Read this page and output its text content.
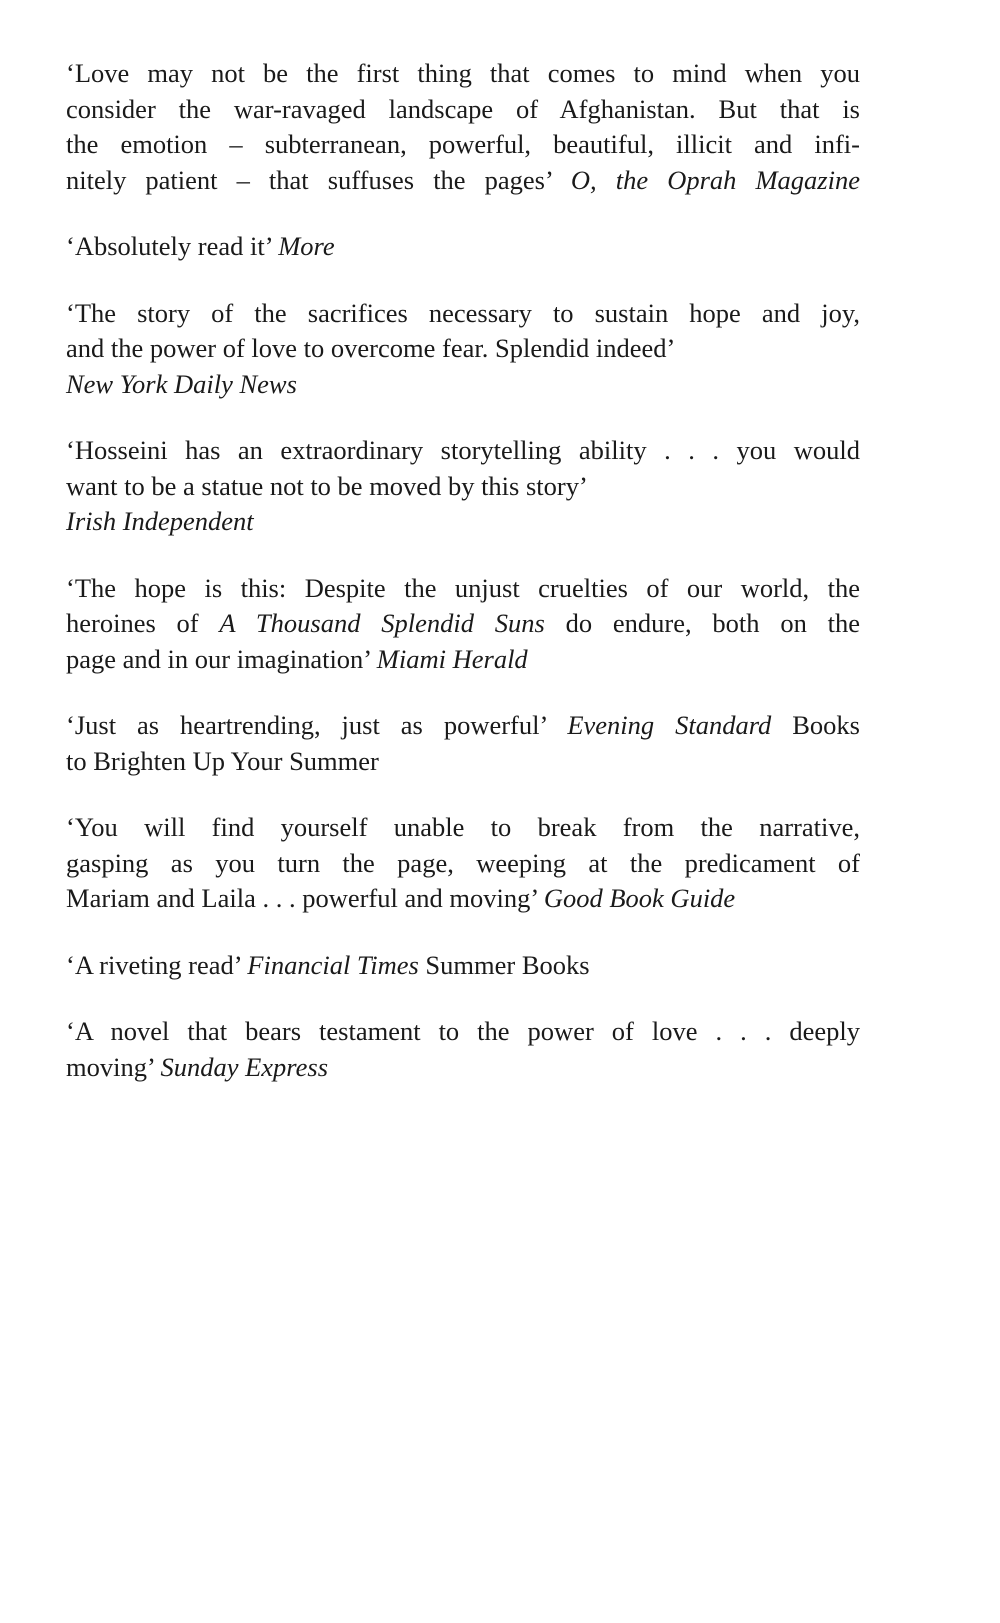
‘Love may not be the first thing that comes to mind when you
consider the war-ravaged landscape of Afghanistan. But that is
the emotion – subterranean, powerful, beautiful, illicit and infi-
nitely patient – that suffuses the pages’ O, the Oprah Magazine
‘Absolutely read it’ More
‘The story of the sacrifices necessary to sustain hope and joy,
and the power of love to overcome fear. Splendid indeed’
New York Daily News
‘Hosseini has an extraordinary storytelling ability . . . you would
want to be a statue not to be moved by this story’
Irish Independent
‘The hope is this: Despite the unjust cruelties of our world, the
heroines of A Thousand Splendid Suns do endure, both on the
page and in our imagination’ Miami Herald
‘Just as heartrending, just as powerful’ Evening Standard Books
to Brighten Up Your Summer
‘You will find yourself unable to break from the narrative,
gasping as you turn the page, weeping at the predicament of
Mariam and Laila . . . powerful and moving’ Good Book Guide
‘A riveting read’ Financial Times Summer Books
‘A novel that bears testament to the power of love . . . deeply
moving’ Sunday Express
